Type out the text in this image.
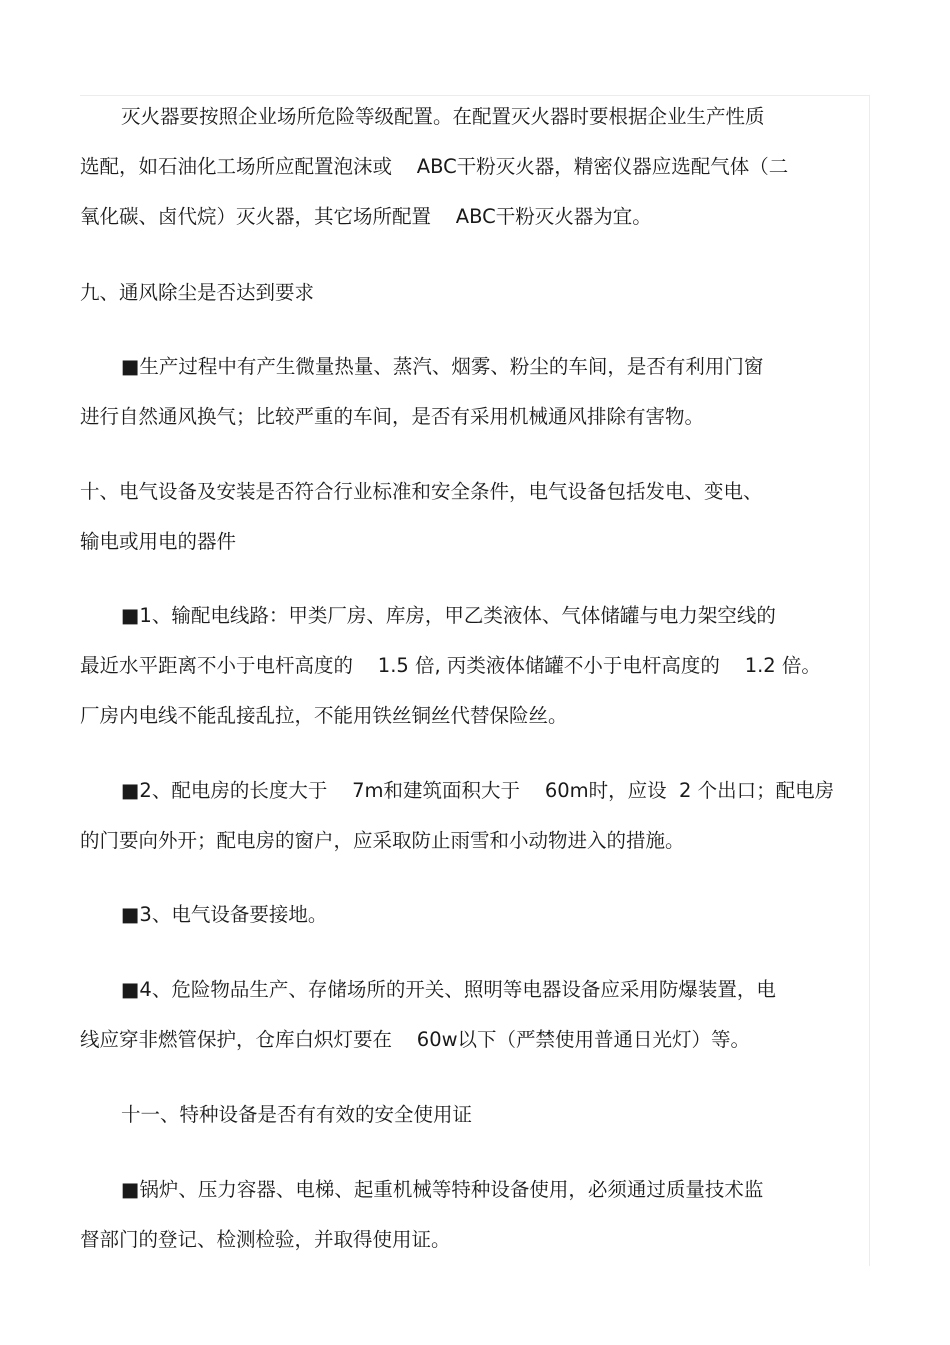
灭火器要按照企业场所危险等级配置。在配置灭火器时要根据企业生产性质

选配，如石油化工场所应配置泡沫或    ABC干粉灭火器，精密仪器应选配气体（二

氧化碳、卤代烷）灭火器，其它场所配置    ABC干粉灭火器为宜。

九、通风除尘是否达到要求

■生产过程中有产生微量热量、蒸汽、烟雾、粉尘的车间，是否有利用门窗

进行自然通风换气；比较严重的车间，是否有采用机械通风排除有害物。

十、电气设备及安装是否符合行业标准和安全条件，电气设备包括发电、变电、

输电或用电的器件

■1、输配电线路：甲类厂房、库房，甲乙类液体、气体储罐与电力架空线的

最近水平距离不小于电杆高度的    1.5 倍, 丙类液体储罐不小于电杆高度的    1.2 倍。

厂房内电线不能乱接乱拉，不能用铁丝铜丝代替保险丝。

■2、配电房的长度大于    7m和建筑面积大于    60m时，应设  2 个出口；配电房

的门要向外开；配电房的窗户，应采取防止雨雪和小动物进入的措施。

■3、电气设备要接地。

■4、危险物品生产、存储场所的开关、照明等电器设备应采用防爆装置，电

线应穿非燃管保护，仓库白炽灯要在    60w以下（严禁使用普通日光灯）等。

十一、特种设备是否有有效的安全使用证

■锅炉、压力容器、电梯、起重机械等特种设备使用，必须通过质量技术监

督部门的登记、检测检验，并取得使用证。
